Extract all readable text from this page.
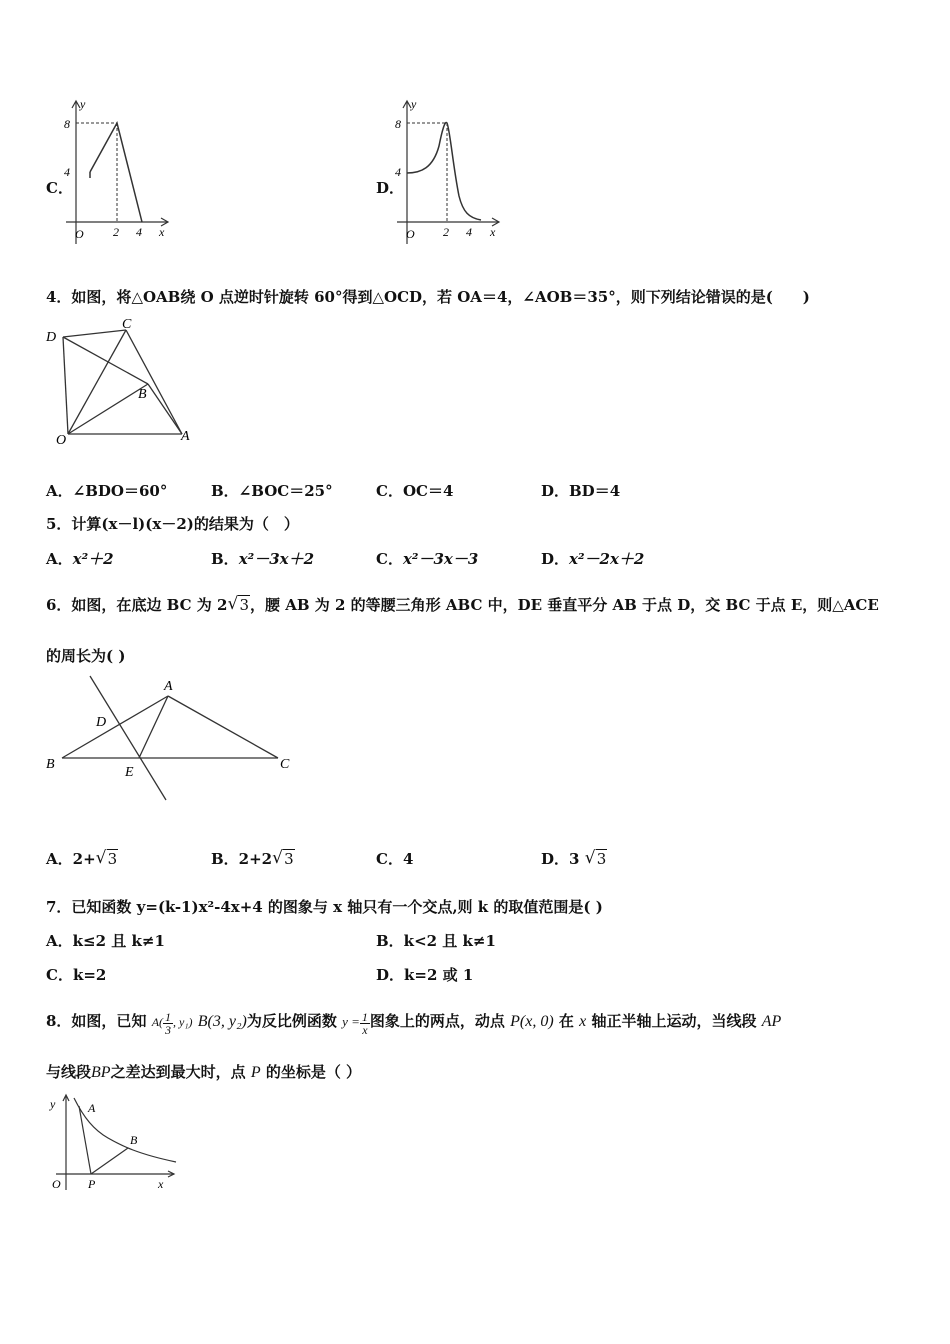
C．
y
8
4
O 2 4 x
D．
y
8
4
O 2 4 x
4．如图，将△OAB绕 O 点逆时针旋转 60°得到△OCD，若 OA＝4，∠AOB＝35°，则下列结论错误的是(　　)
D
C
B
O	A
A．∠BDO＝60°	B．∠BOC＝25°	C．OC＝4	D．BD＝4
5．计算(x－l)(x－2)的结果为（　）
A．x²＋2	B．x²－3x＋2	C．x²－3x－3	D．x²－2x＋2
6．如图，在底边 BC 为 2 √ 3，腰 AB 为 2 的等腰三角形 ABC 中，DE 垂直平分 AB 于点 D，交 BC 于点 E，则△ACE
的周长为( )
A
D
B
E
C
A．2+ √ 3	B．2+2 √ 3	C．4	D．3 √ 3
7．已知函数 y=(k-1)x²-4x+4 的图象与 x 轴只有一个交点,则 k 的取值范围是( )
A．k≤2 且 k≠1	B．k<2 且 k≠1
C．k=2	D．k=2 或 1
8．如图，已知 $A( \frac{1}{3}$ , y₁) B(3, y₂)为反比例函数 $y = \frac{1}{x}$ 图象上的两点，动点 P(x, 0) 在 x 轴正半轴上运动，当线段 AP
与线段BP之差达到最大时，点 P 的坐标是（ ）
y	A
B
O P	x
